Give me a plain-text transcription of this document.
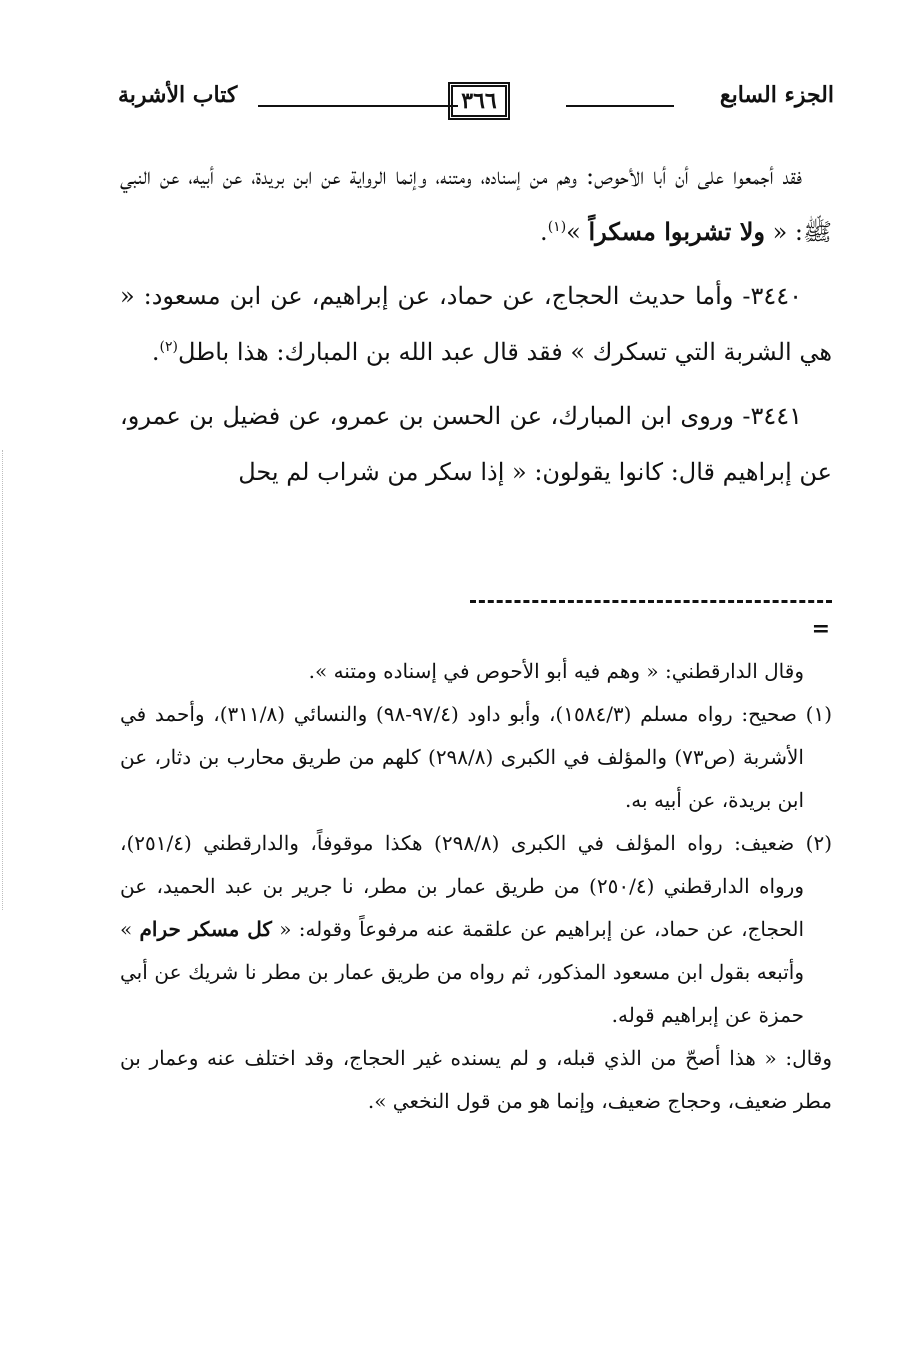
الجزء السابع
٣٦٦
كتاب الأشربة

فقد أجمعوا على أن أبا الأحوص: وهم من إسناده، ومتنه، وإنما الرواية عن ابن بريدة، عن أبيه، عن النبي ﷺ: « ولا تشربوا مسكراً »$^{(١)}$.

٣٤٤٠- وأما حديث الحجاج، عن حماد، عن إبراهيم، عن ابن مسعود: « هي الشربة التي تسكرك » فقد قال عبد الله بن المبارك: هذا باطل$^{(٢)}$.

٣٤٤١- وروى ابن المبارك، عن الحسن بن عمرو، عن فضيل بن عمرو، عن إبراهيم قال: كانوا يقولون: « إذا سكر من شراب لم يحل

=

وقال الدارقطني: « وهم فيه أبو الأحوص في إسناده ومتنه ».

(١) صحيح: رواه مسلم (١٥٨٤/٣)، وأبو داود (٩٧/٤-٩٨) والنسائي (٣١١/٨)، وأحمد في الأشربة (ص٧٣) والمؤلف في الكبرى (٢٩٨/٨) كلهم من طريق محارب بن دثار، عن ابن بريدة، عن أبيه به.

(٢) ضعيف: رواه المؤلف في الكبرى (٢٩٨/٨) هكذا موقوفاً، والدارقطني (٢٥١/٤)، ورواه الدارقطني (٢٥٠/٤) من طريق عمار بن مطر، نا جرير بن عبد الحميد، عن الحجاج، عن حماد، عن إبراهيم عن علقمة عنه مرفوعاً وقوله: « كل مسكر حرام » وأتبعه بقول ابن مسعود المذكور، ثم رواه من طريق عمار بن مطر نا شريك عن أبي حمزة عن إبراهيم قوله.

وقال: « هذا أصحّ من الذي قبله، و لم يسنده غير الحجاج، وقد اختلف عنه وعمار بن مطر ضعيف، وحجاج ضعيف، وإنما هو من قول النخعي ».
